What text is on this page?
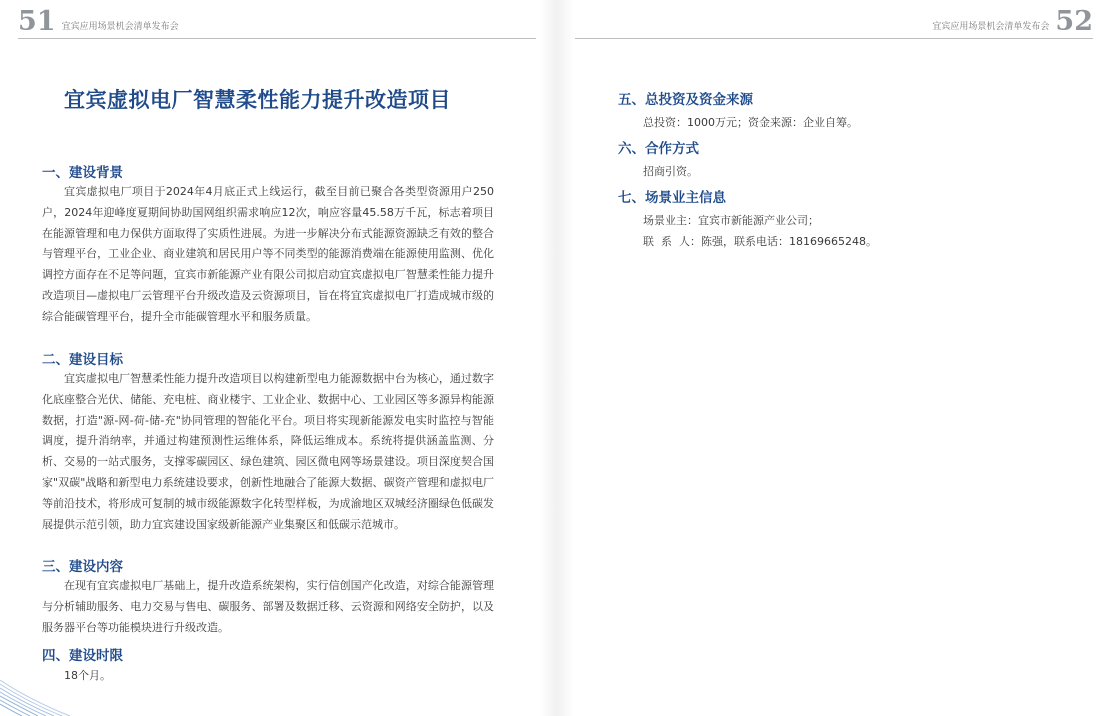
51 宜宾应用场景机会清单发布会
宜宾虚拟电厂智慧柔性能力提升改造项目
一、建设背景
宜宾虚拟电厂项目于2024年4月底正式上线运行，截至目前已聚合各类型资源用户250户，2024年迎峰度夏期间协助国网组织需求响应12次，响应容量45.58万千瓦，标志着项目在能源管理和电力保供方面取得了实质性进展。为进一步解决分布式能源资源缺乏有效的整合与管理平台，工业企业、商业建筑和居民用户等不同类型的能源消费端在能源使用监测、优化调控方面存在不足等问题，宜宾市新能源产业有限公司拟启动宜宾虚拟电厂智慧柔性能力提升改造项目—虚拟电厂云管理平台升级改造及云资源项目，旨在将宜宾虚拟电厂打造成城市级的综合能碳管理平台，提升全市能碳管理水平和服务质量。
二、建设目标
宜宾虚拟电厂智慧柔性能力提升改造项目以构建新型电力能源数据中台为核心，通过数字化底座整合光伏、储能、充电桩、商业楼宇、工业企业、数据中心、工业园区等多源异构能源数据，打造"源-网-荷-储-充"协同管理的智能化平台。项目将实现新能源发电实时监控与智能调度，提升消纳率，并通过构建预测性运维体系，降低运维成本。系统将提供涵盖监测、分析、交易的一站式服务，支撑零碳园区、绿色建筑、园区微电网等场景建设。项目深度契合国家"双碳"战略和新型电力系统建设要求，创新性地融合了能源大数据、碳资产管理和虚拟电厂等前沿技术，将形成可复制的城市级能源数字化转型样板，为成渝地区双城经济圈绿色低碳发展提供示范引领，助力宜宾建设国家级新能源产业集聚区和低碳示范城市。
三、建设内容
在现有宜宾虚拟电厂基础上，提升改造系统架构，实行信创国产化改造，对综合能源管理与分析辅助服务、电力交易与售电、碳服务、部署及数据迁移、云资源和网络安全防护，以及服务器平台等功能模块进行升级改造。
四、建设时限
18个月。
宜宾应用场景机会清单发布会 52
五、总投资及资金来源
总投资：1000万元；资金来源：企业自筹。
六、合作方式
招商引资。
七、场景业主信息
场景业主：宜宾市新能源产业公司；
联  系  人：陈强，联系电话：18169665248。
